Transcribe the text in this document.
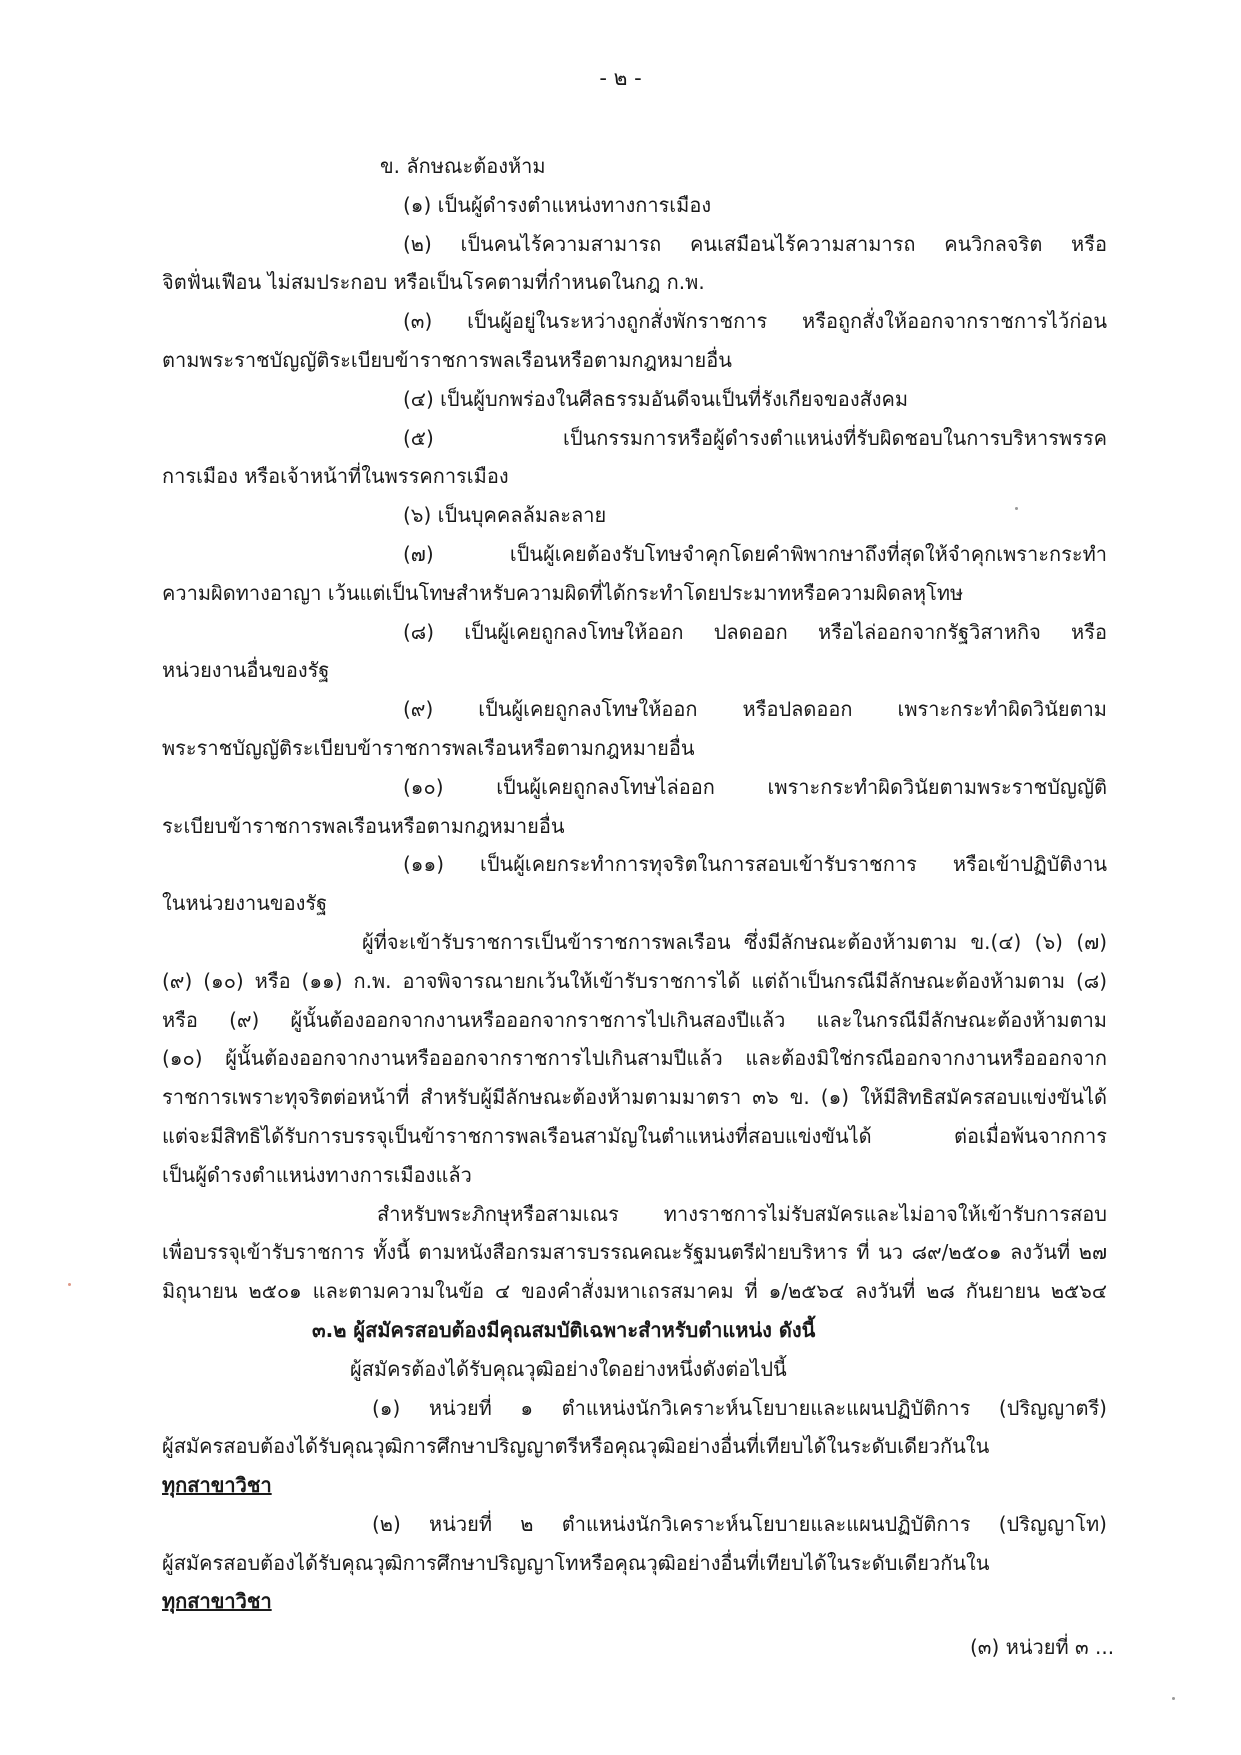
- ๒ -
ข. ลักษณะต้องห้าม
(๑) เป็นผู้ดำรงตำแหน่งทางการเมือง
(๒) เป็นคนไร้ความสามารถ คนเสมือนไร้ความสามารถ คนวิกลจริต หรือ
จิตฟั่นเฟือน ไม่สมประกอบ หรือเป็นโรคตามที่กำหนดในกฎ ก.พ.
(๓) เป็นผู้อยู่ในระหว่างถูกสั่งพักราชการ หรือถูกสั่งให้ออกจากราชการไว้ก่อน
ตามพระราชบัญญัติระเบียบข้าราชการพลเรือนหรือตามกฎหมายอื่น
(๔) เป็นผู้บกพร่องในศีลธรรมอันดีจนเป็นที่รังเกียจของสังคม
(๕) เป็นกรรมการหรือผู้ดำรงตำแหน่งที่รับผิดชอบในการบริหารพรรค
การเมือง หรือเจ้าหน้าที่ในพรรคการเมือง
(๖) เป็นบุคคลล้มละลาย
(๗) เป็นผู้เคยต้องรับโทษจำคุกโดยคำพิพากษาถึงที่สุดให้จำคุกเพราะกระทำ
ความผิดทางอาญา เว้นแต่เป็นโทษสำหรับความผิดที่ได้กระทำโดยประมาทหรือความผิดลหุโทษ
(๘) เป็นผู้เคยถูกลงโทษให้ออก ปลดออก หรือไล่ออกจากรัฐวิสาหกิจ หรือ
หน่วยงานอื่นของรัฐ
(๙) เป็นผู้เคยถูกลงโทษให้ออก หรือปลดออก เพราะกระทำผิดวินัยตาม
พระราชบัญญัติระเบียบข้าราชการพลเรือนหรือตามกฎหมายอื่น
(๑๐) เป็นผู้เคยถูกลงโทษไล่ออก เพราะกระทำผิดวินัยตามพระราชบัญญัติ
ระเบียบข้าราชการพลเรือนหรือตามกฎหมายอื่น
(๑๑) เป็นผู้เคยกระทำการทุจริตในการสอบเข้ารับราชการ หรือเข้าปฏิบัติงาน
ในหน่วยงานของรัฐ
ผู้ที่จะเข้ารับราชการเป็นข้าราชการพลเรือน ซึ่งมีลักษณะต้องห้ามตาม ข.(๔) (๖) (๗)
(๙) (๑๐) หรือ (๑๑) ก.พ. อาจพิจารณายกเว้นให้เข้ารับราชการได้ แต่ถ้าเป็นกรณีมีลักษณะต้องห้ามตาม (๘)
หรือ (๙) ผู้นั้นต้องออกจากงานหรือออกจากราชการไปเกินสองปีแล้ว และในกรณีมีลักษณะต้องห้ามตาม
(๑๐) ผู้นั้นต้องออกจากงานหรือออกจากราชการไปเกินสามปีแล้ว และต้องมิใช่กรณีออกจากงานหรือออกจาก
ราชการเพราะทุจริตต่อหน้าที่ สำหรับผู้มีลักษณะต้องห้ามตามมาตรา ๓๖ ข. (๑) ให้มีสิทธิสมัครสอบแข่งขันได้
แต่จะมีสิทธิได้รับการบรรจุเป็นข้าราชการพลเรือนสามัญในตำแหน่งที่สอบแข่งขันได้ ต่อเมื่อพ้นจากการ
เป็นผู้ดำรงตำแหน่งทางการเมืองแล้ว
สำหรับพระภิกษุหรือสามเณร ทางราชการไม่รับสมัครและไม่อาจให้เข้ารับการสอบ
เพื่อบรรจุเข้ารับราชการ ทั้งนี้ ตามหนังสือกรมสารบรรณคณะรัฐมนตรีฝ่ายบริหาร ที่ นว ๘๙/๒๕๐๑ ลงวันที่ ๒๗
มิถุนายน ๒๕๐๑ และตามความในข้อ ๔ ของคำสั่งมหาเถรสมาคม ที่ ๑/๒๕๖๔ ลงวันที่ ๒๘ กันยายน ๒๕๖๔
๓.๒ ผู้สมัครสอบต้องมีคุณสมบัติเฉพาะสำหรับตำแหน่ง ดังนี้
ผู้สมัครต้องได้รับคุณวุฒิอย่างใดอย่างหนึ่งดังต่อไปนี้
(๑) หน่วยที่ ๑ ตำแหน่งนักวิเคราะห์นโยบายและแผนปฏิบัติการ (ปริญญาตรี)
ผู้สมัครสอบต้องได้รับคุณวุฒิการศึกษาปริญญาตรีหรือคุณวุฒิอย่างอื่นที่เทียบได้ในระดับเดียวกันใน
ทุกสาขาวิชา
(๒) หน่วยที่ ๒ ตำแหน่งนักวิเคราะห์นโยบายและแผนปฏิบัติการ (ปริญญาโท)
ผู้สมัครสอบต้องได้รับคุณวุฒิการศึกษาปริญญาโทหรือคุณวุฒิอย่างอื่นที่เทียบได้ในระดับเดียวกันใน
ทุกสาขาวิชา
(๓) หน่วยที่ ๓ ...
